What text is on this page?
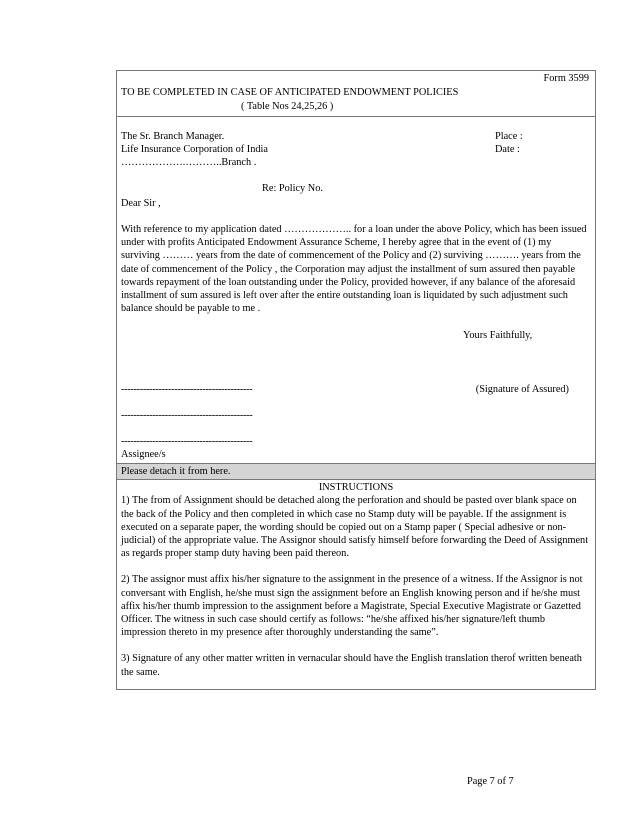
Form 3599
TO BE COMPLETED IN CASE OF ANTICIPATED ENDOWMENT POLICIES
( Table Nos 24,25,26 )
The Sr. Branch Manager.	Place :
Life Insurance Corporation of India	Date :
……………….………..Branch .
Re: Policy No.
Dear Sir ,
With reference to my application dated ……………….. for a loan under the above Policy, which has been issued under with profits Anticipated Endowment Assurance Scheme, I hereby agree that in the event of (1) my surviving ……… years from the date of commencement of the Policy and (2) surviving ………. years from the date of commencement of the Policy , the Corporation may adjust the installment of sum assured then payable towards repayment of the loan outstanding under the Policy, provided however, if any balance of the aforesaid installment of sum assured is left over after the entire outstanding loan is liquidated by such adjustment such balance should be payable to me .
Yours Faithfully,
------------------------------------------	(Signature of Assured)
------------------------------------------
------------------------------------------
Assignee/s
Please detach it from here.
INSTRUCTIONS
1) The from of Assignment should be detached along the perforation and should be pasted over blank space on the back of the Policy and then completed in which case no Stamp duty will be payable. If the assignment is executed on a separate paper, the wording should be copied out on a Stamp paper ( Special adhesive or non-judicial) of the appropriate value. The Assignor should satisfy himself before forwarding the Deed of Assignment as regards proper stamp duty having been paid thereon.
2) The assignor must affix his/her signature to the assignment in the presence of a witness. If the Assignor is not conversant with English, he/she must sign the assignment before an English knowing person and if he/she must affix his/her thumb impression to the assignment before a Magistrate, Special Executive Magistrate or Gazetted Officer. The witness in such case should certify as follows: “he/she affixed his/her signature/left thumb impression thereto in my presence after thoroughly understanding the same”.
3) Signature of any other matter written in vernacular should have the English translation therof written beneath the same.
Page 7 of 7
